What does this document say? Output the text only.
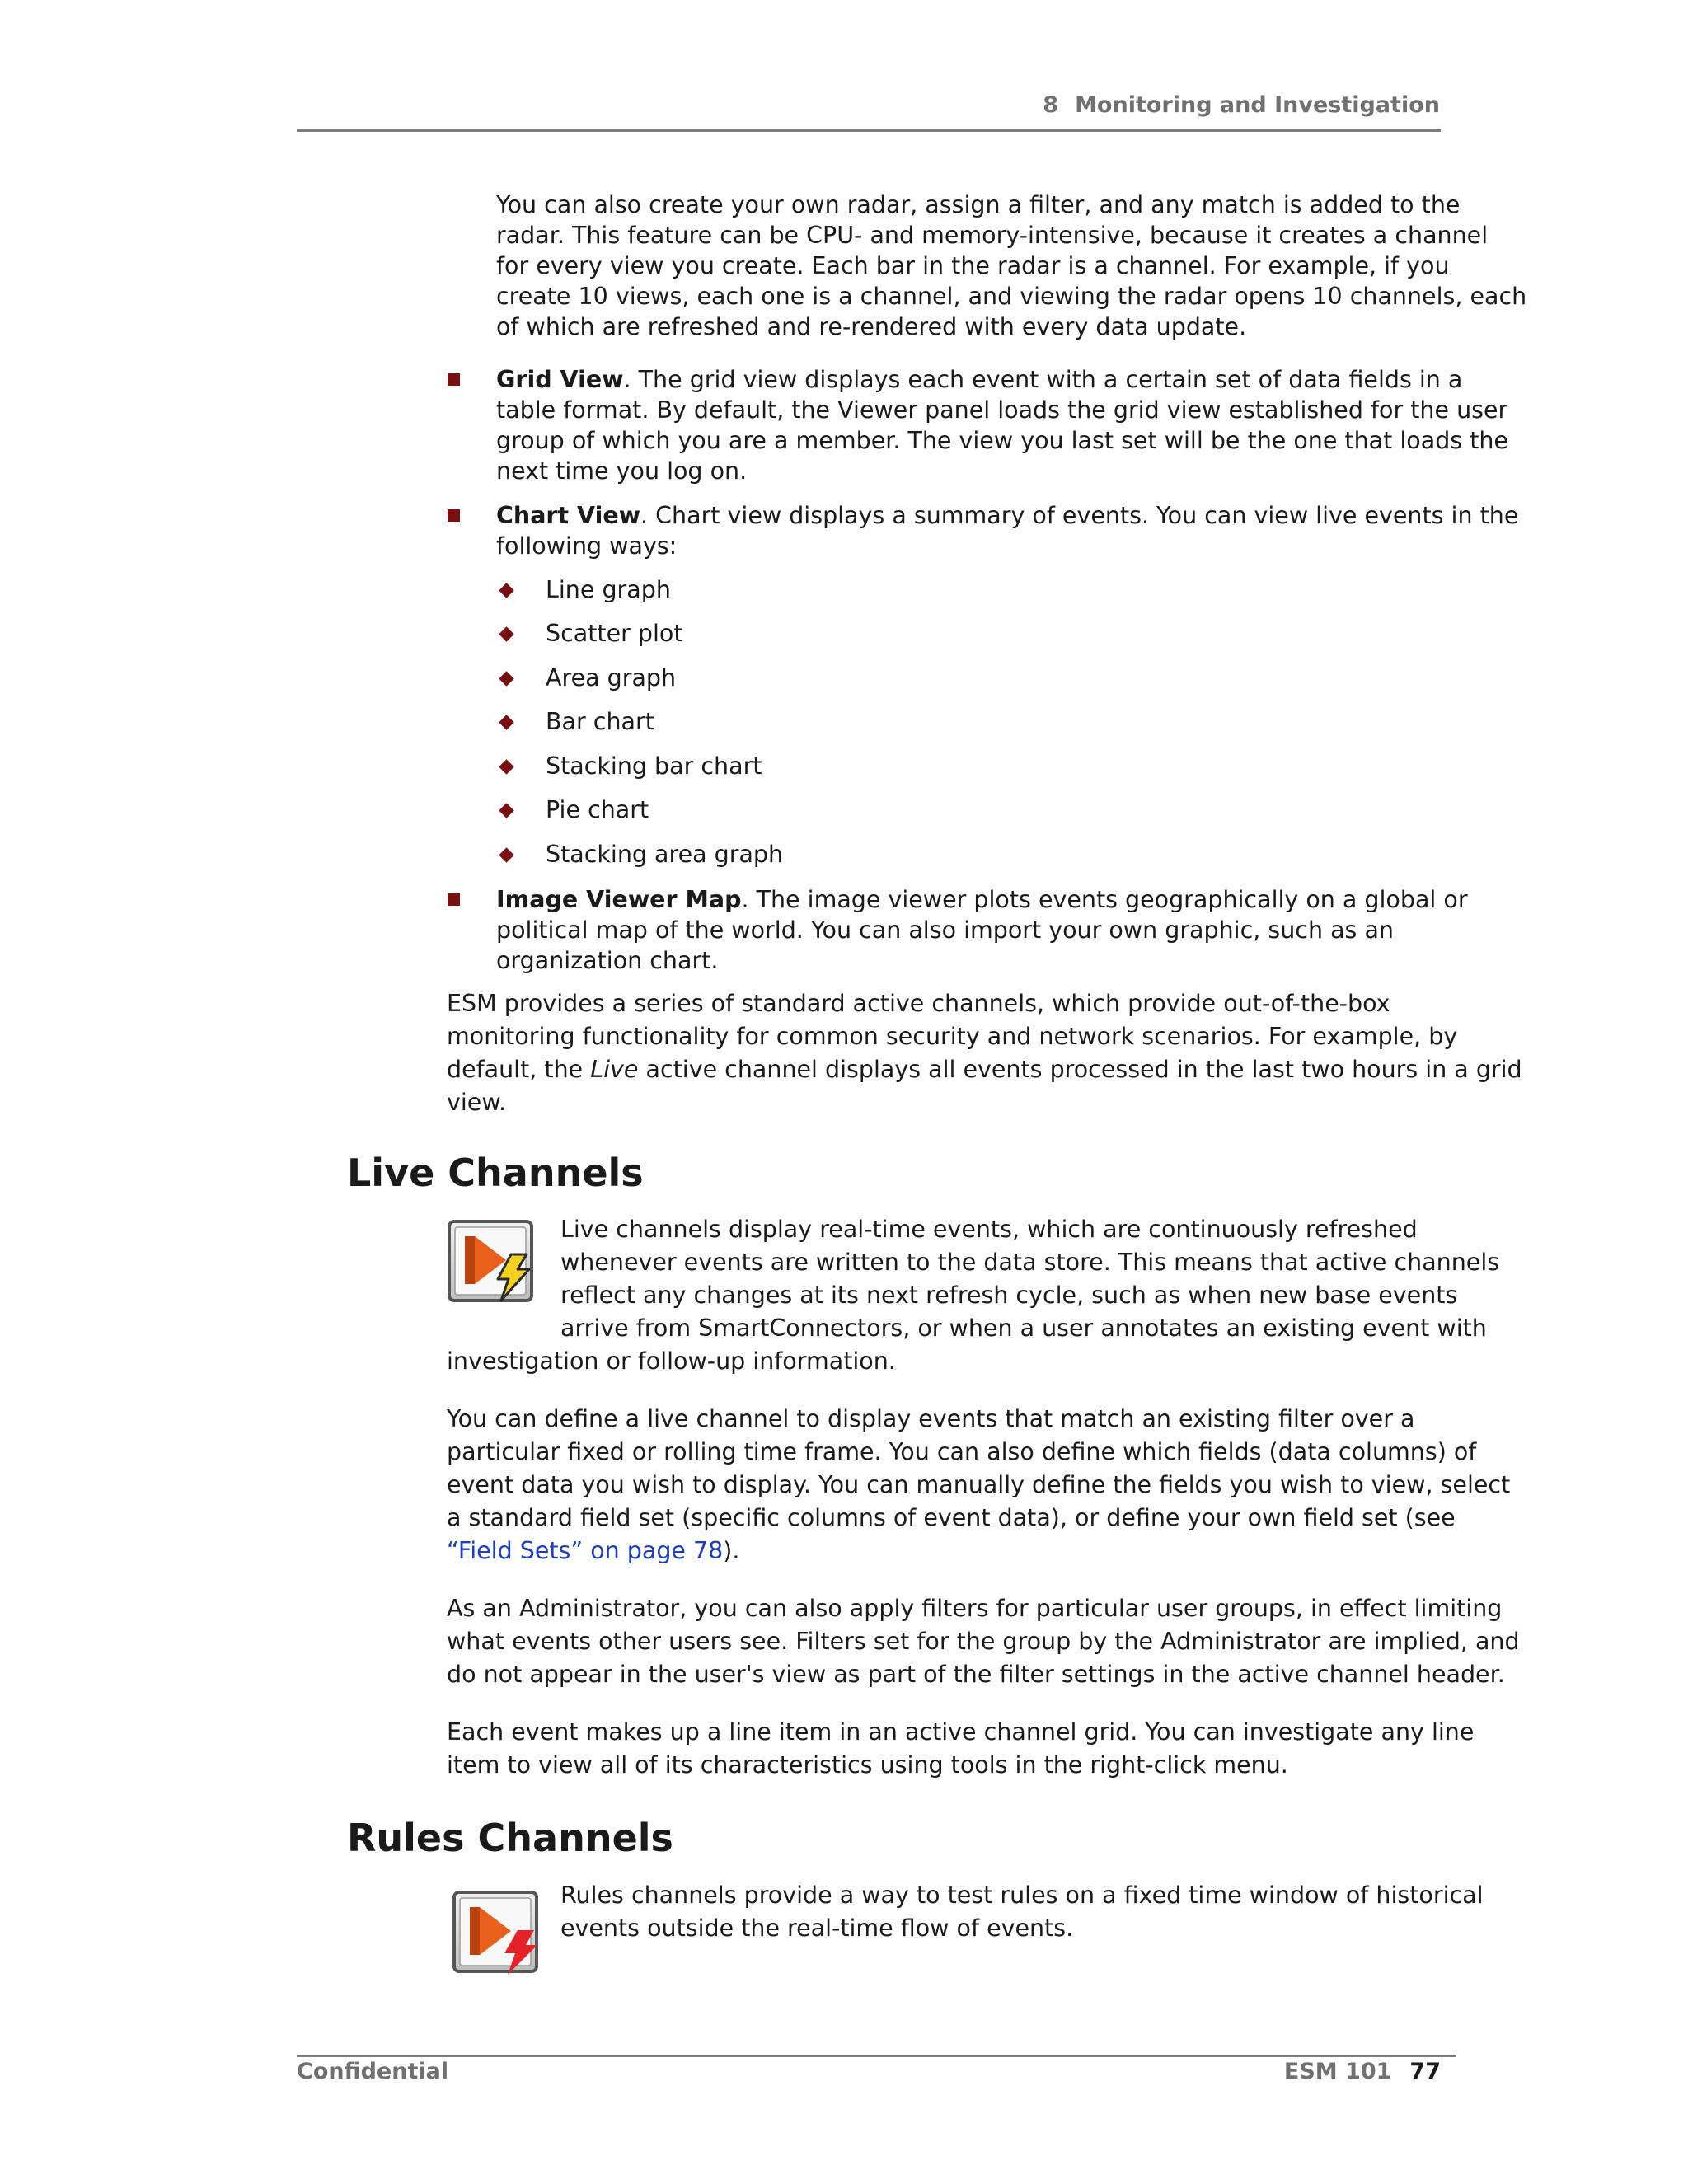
8 Monitoring and Investigation

You can also create your own radar, assign a filter, and any match is added to the

radar. This feature can be CPU- and memory-intensive, because it creates a channel

for every view you create. Each bar in the radar is a channel. For example, if you

create 10 views, each one is a channel, and viewing the radar opens 10 channels, each

of which are refreshed and re-rendered with every data update.

Grid View. The grid view displays each event with a certain set of data fields in a

table format. By default, the Viewer panel loads the grid view established for the user

group of which you are a member. The view you last set will be the one that loads the

next time you log on.

Chart View. Chart view displays a summary of events. You can view live events in the

following ways:

Line graph
Scatter plot
Area graph
Bar chart
Stacking bar chart
Pie chart
Stacking area graph

Image Viewer Map. The image viewer plots events geographically on a global or

political map of the world. You can also import your own graphic, such as an

organization chart.

ESM provides a series of standard active channels, which provide out-of-the-box

monitoring functionality for common security and network scenarios. For example, by

default, the Live active channel displays all events processed in the last two hours in a grid

view.

Live Channels

Live channels display real-time events, which are continuously refreshed

whenever events are written to the data store. This means that active channels

reflect any changes at its next refresh cycle, such as when new base events

arrive from SmartConnectors, or when a user annotates an existing event with

investigation or follow-up information.

You can define a live channel to display events that match an existing filter over a

particular fixed or rolling time frame. You can also define which fields (data columns) of

event data you wish to display. You can manually define the fields you wish to view, select

a standard field set (specific columns of event data), or define your own field set (see

“Field Sets” on page 78).

As an Administrator, you can also apply filters for particular user groups, in effect limiting

what events other users see. Filters set for the group by the Administrator are implied, and

do not appear in the user's view as part of the filter settings in the active channel header.

Each event makes up a line item in an active channel grid. You can investigate any line

item to view all of its characteristics using tools in the right-click menu.

Rules Channels

Rules channels provide a way to test rules on a fixed time window of historical

events outside the real-time flow of events.

Confidential	ESM 101 77
